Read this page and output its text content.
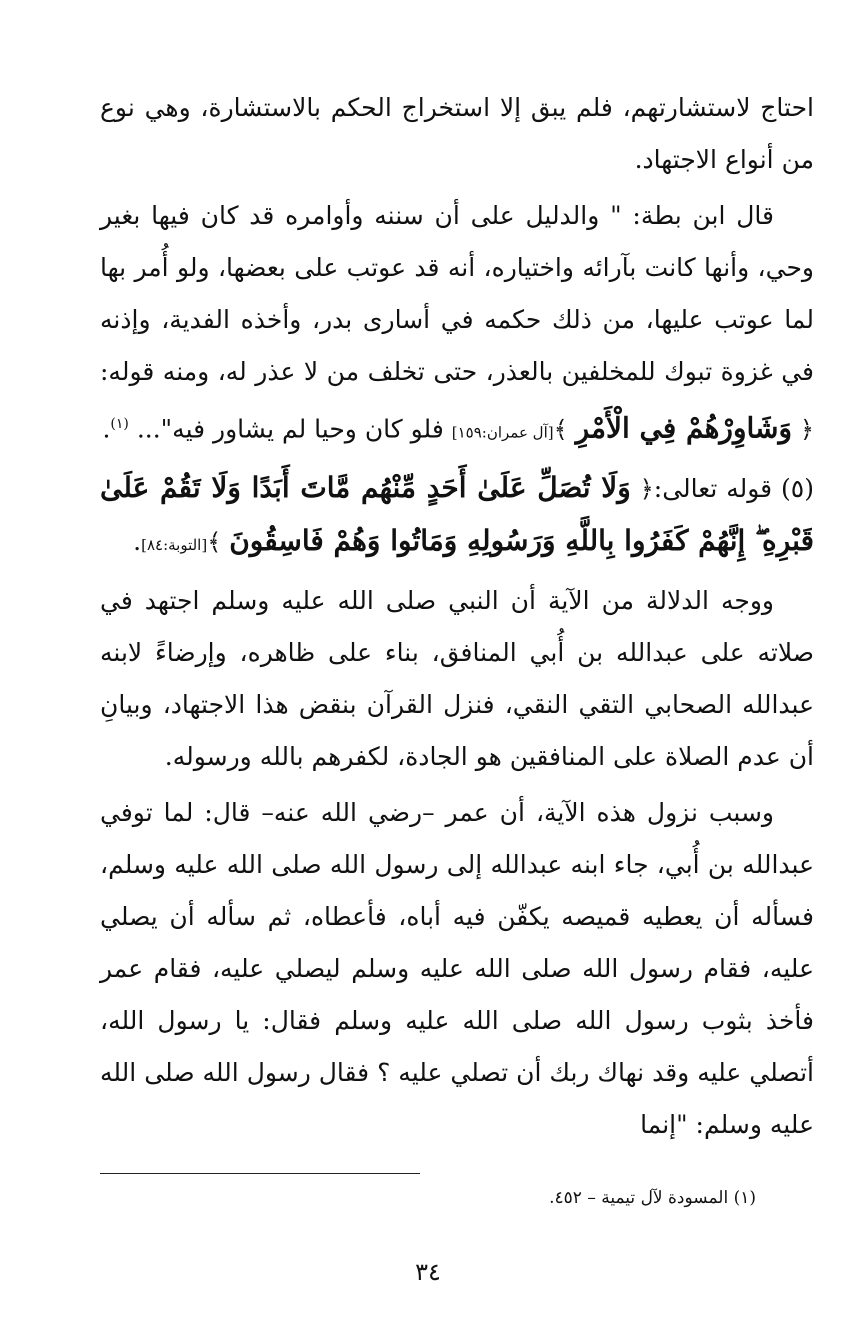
احتاج لاستشارتهم، فلم يبق إلا استخراج الحكم بالاستشارة، وهي نوع من أنواع الاجتهاد.

قال ابن بطة: " والدليل على أن سننه وأوامره قد كان فيها بغير وحي، وأنها كانت بآرائه واختياره، أنه قد عوتب على بعضها، ولو أُمر بها لما عوتب عليها، من ذلك حكمه في أسارى بدر، وأخذه الفدية، وإذنه في غزوة تبوك للمخلفين بالعذر، حتى تخلف من لا عذر له، ومنه قوله:﴿ وَشَاوِرْهُمْ فِي الْأَمْرِ ﴾[آل عمران:١٥٩] فلو كان وحيا لم يشاور فيه"... $^{(١)}$.

(٥) قوله تعالى:﴿ وَلَا تُصَلِّ عَلَىٰ أَحَدٍ مِّنْهُم مَّاتَ أَبَدًا وَلَا تَقُمْ عَلَىٰ قَبْرِهِ ۖ إِنَّهُمْ كَفَرُوا بِاللَّهِ وَرَسُولِهِ وَمَاتُوا وَهُمْ فَاسِقُونَ ﴾[التوبة:٨٤].

ووجه الدلالة من الآية أن النبي صلى الله عليه وسلم اجتهد في صلاته على عبدالله بن أُبي المنافق، بناء على ظاهره، وإرضاءً لابنه عبدالله الصحابي التقي النقي، فنزل القرآن بنقض هذا الاجتهاد، وبيانِ أن عدم الصلاة على المنافقين هو الجادة، لكفرهم بالله ورسوله.

وسبب نزول هذه الآية، أن عمر –رضي الله عنه– قال: لما توفي عبدالله بن أُبي، جاء ابنه عبدالله إلى رسول الله صلى الله عليه وسلم، فسأله أن يعطيه قميصه يكفّن فيه أباه، فأعطاه، ثم سأله أن يصلي عليه، فقام رسول الله صلى الله عليه وسلم ليصلي عليه، فقام عمر فأخذ بثوب رسول الله صلى الله عليه وسلم فقال: يا رسول الله، أتصلي عليه وقد نهاك ربك أن تصلي عليه ؟ فقال رسول الله صلى الله عليه وسلم: "إنما

(١) المسودة لآل تيمية – ٤٥٢.
٣٤
